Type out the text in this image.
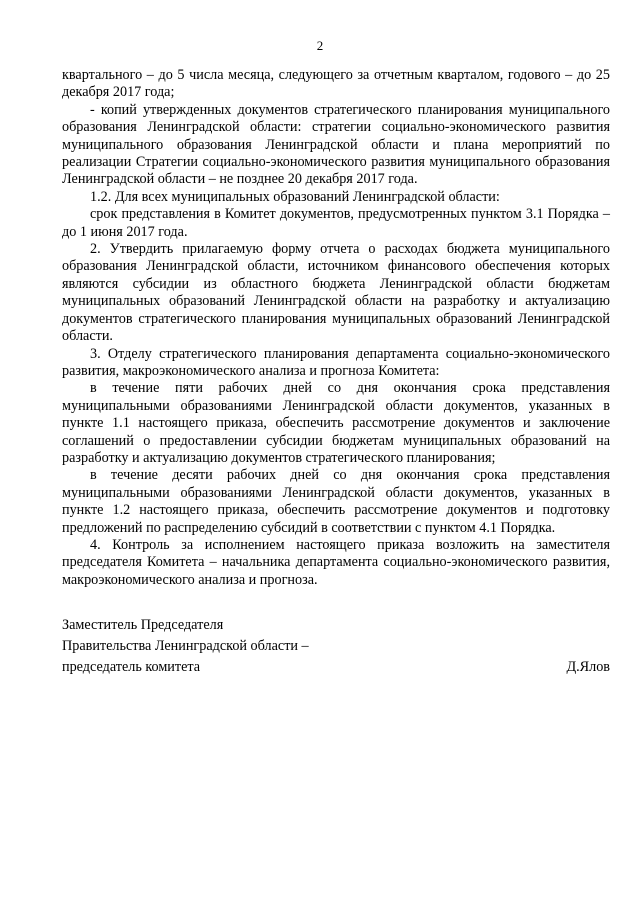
2

квартального – до 5 числа месяца, следующего за отчетным кварталом, годового – до 25 декабря 2017 года;

- копий утвержденных документов стратегического планирования муниципального образования Ленинградской области: стратегии социально-экономического развития муниципального образования Ленинградской области и плана мероприятий по реализации Стратегии социально-экономического развития муниципального образования Ленинградской области – не позднее 20 декабря 2017 года.

1.2. Для всех муниципальных образований Ленинградской области:

срок представления в Комитет документов, предусмотренных пунктом 3.1 Порядка – до 1 июня 2017 года.

2. Утвердить прилагаемую форму отчета о расходах бюджета муниципального образования Ленинградской области, источником финансового обеспечения которых являются субсидии из областного бюджета Ленинградской области бюджетам муниципальных образований Ленинградской области на разработку и актуализацию документов стратегического планирования муниципальных образований Ленинградской области.

3. Отделу стратегического планирования департамента социально-экономического развития, макроэкономического анализа и прогноза Комитета:

в течение пяти рабочих дней со дня окончания срока представления муниципальными образованиями Ленинградской области документов, указанных в пункте 1.1 настоящего приказа, обеспечить рассмотрение документов и заключение соглашений о предоставлении субсидии бюджетам муниципальных образований на разработку и актуализацию документов стратегического планирования;

в течение десяти рабочих дней со дня окончания срока представления муниципальными образованиями Ленинградской области документов, указанных в пункте 1.2 настоящего приказа, обеспечить рассмотрение документов и подготовку предложений по распределению субсидий в соответствии с пунктом 4.1 Порядка.

4. Контроль за исполнением настоящего приказа возложить на заместителя председателя Комитета – начальника департамента социально-экономического развития, макроэкономического анализа и прогноза.

Заместитель Председателя
Правительства Ленинградской области –
председатель комитета	Д.Ялов
